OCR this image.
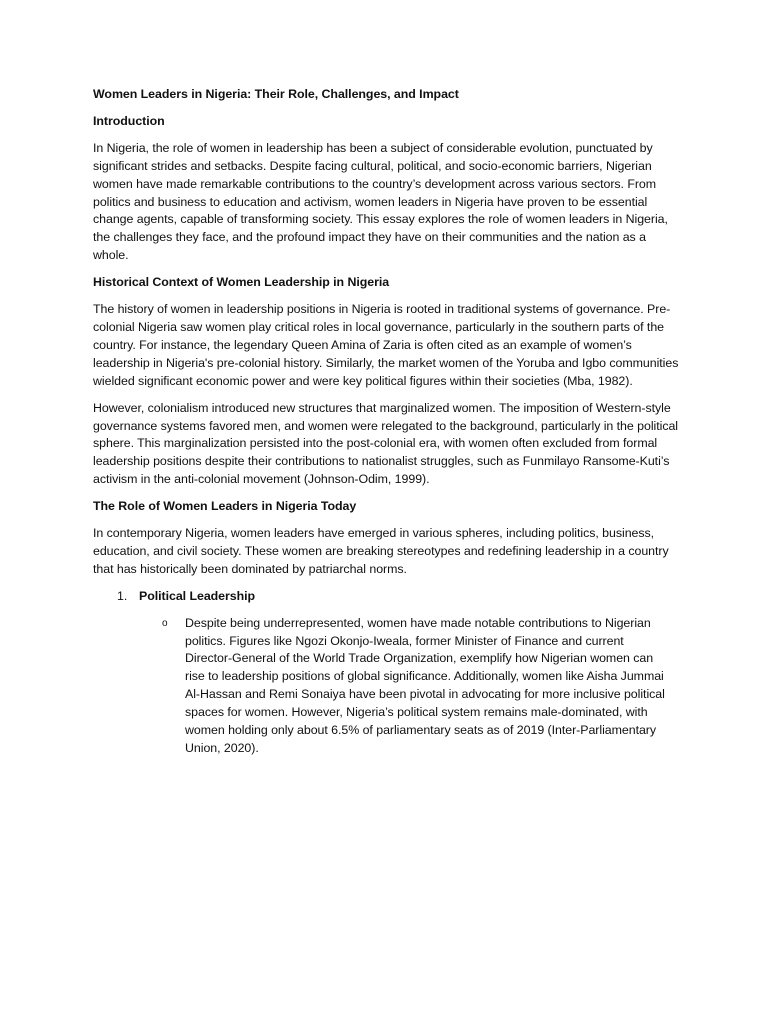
Women Leaders in Nigeria: Their Role, Challenges, and Impact

Introduction

In Nigeria, the role of women in leadership has been a subject of considerable evolution, punctuated by significant strides and setbacks. Despite facing cultural, political, and socio-economic barriers, Nigerian women have made remarkable contributions to the country’s development across various sectors. From politics and business to education and activism, women leaders in Nigeria have proven to be essential change agents, capable of transforming society. This essay explores the role of women leaders in Nigeria, the challenges they face, and the profound impact they have on their communities and the nation as a whole.

Historical Context of Women Leadership in Nigeria

The history of women in leadership positions in Nigeria is rooted in traditional systems of governance. Pre-colonial Nigeria saw women play critical roles in local governance, particularly in the southern parts of the country. For instance, the legendary Queen Amina of Zaria is often cited as an example of women’s leadership in Nigeria's pre-colonial history. Similarly, the market women of the Yoruba and Igbo communities wielded significant economic power and were key political figures within their societies (Mba, 1982).

However, colonialism introduced new structures that marginalized women. The imposition of Western-style governance systems favored men, and women were relegated to the background, particularly in the political sphere. This marginalization persisted into the post-colonial era, with women often excluded from formal leadership positions despite their contributions to nationalist struggles, such as Funmilayo Ransome-Kuti’s activism in the anti-colonial movement (Johnson-Odim, 1999).

The Role of Women Leaders in Nigeria Today

In contemporary Nigeria, women leaders have emerged in various spheres, including politics, business, education, and civil society. These women are breaking stereotypes and redefining leadership in a country that has historically been dominated by patriarchal norms.

1. Political Leadership
o Despite being underrepresented, women have made notable contributions to Nigerian politics. Figures like Ngozi Okonjo-Iweala, former Minister of Finance and current Director-General of the World Trade Organization, exemplify how Nigerian women can rise to leadership positions of global significance. Additionally, women like Aisha Jummai Al-Hassan and Remi Sonaiya have been pivotal in advocating for more inclusive political spaces for women. However, Nigeria’s political system remains male-dominated, with women holding only about 6.5% of parliamentary seats as of 2019 (Inter-Parliamentary Union, 2020).
